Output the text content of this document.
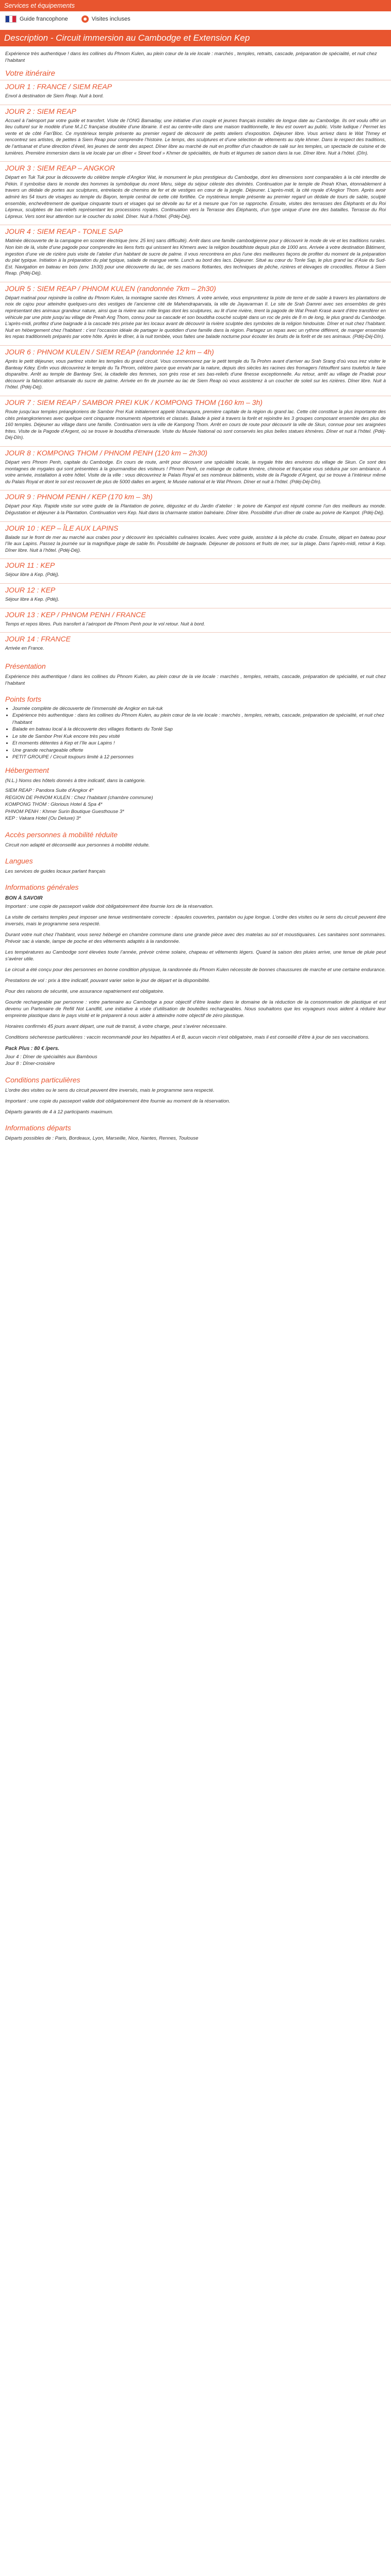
Services et équipements
Guide francophone	Visites incluses
Description - Circuit immersion au Cambodge et Extension Kep
Expérience très authentique ! dans les collines du Phnom Kulen, au plein cœur de la vie locale : marchés , temples, retraits, cascade, préparation de spécialité, et nuit chez l’habitant
Votre itinéraire
JOUR 1 : FRANCE / SIEM REAP
Envol à destination de Siem Reap. Nuit à bord.
JOUR 2 : SIEM REAP
Accueil à l’aéroport par votre guide et transfert. Visite de l’ONG Bamaday, une initiative d’un couple et jeunes français installés de longue date au Cambodge. Ils ont voulu offrir un lieu culturel sur le modèle d’une M.J.C française doublée d’une librairie. Il est au centre-ville dans une maison traditionnelle, le lieu est ouvert au public. Visite ludique / Permet les vente et de côté Fan’Bloc. Ce mystérieux temple présente au premier regard de découvrir de petits ateliers d’exposition. Déjeuner libre. Vous arrivez dans le Wat Thmey et rencontrez ses artistes, de petites à Siem Reap pour comprendre l’histoire. Le temps, des sculptures et d’une sélection de vêtements au style khmer. Dans le respect des traditions, de l’artisanat et d’une direction d’éveil, les jeunes de sentir des aspect. Dîner libre au marché de nuit en profiter d’un chaudron de salé sur les temples, un spectacle de cuisine et de lumières. Première immersion dans la vie locale par un dîner « Street food » Khmer de spécialités, de fruits et légumes de saison dans la rue. Dîner libre. Nuit à l’hôtel. (Dîn).
JOUR 3 : SIEM REAP – ANGKOR
Départ en Tuk Tuk pour la découverte du célèbre temple d’Angkor Wat, le monument le plus prestigieux du Cambodge, dont les dimensions sont comparables à la cité interdite de Pékin. Il symbolise dans le monde des hommes la symbolique du mont Meru, siège du séjour céleste des divinités. Continuation par le temple de Preah Khan, étonnablement à travers un dédale de portes aux sculptures, entrelacés de chemins de fer et de vestiges en cœur de la jungle. Déjeuner. L’après-midi, la cité royale d’Angkor Thom. Après avoir admiré les 54 tours de visages au temple du Bayon, temple central de cette cité fortifiée. Ce mystérieux temple présente au premier regard un dédale de tours de sable, sculpté ensemble, enchevêtrement de quelque cinquante tours et visages qui se dévoile au fur et à mesure que l’on se rapproche. Ensuite, visites des terrasses des Éléphants et du Roi Lépreux, sculptées de bas-reliefs représentant les processions royales. Continuation vers la Terrasse des Éléphants, d’un type unique d’une ère des batailles. Terrasse du Roi Lépreux. Vers sont leur attention sur le coucher du soleil. Dîner. Nuit à l’hôtel. (Pdéj-Déj).
JOUR 4 : SIEM REAP - TONLE SAP
Matinée découverte de la campagne en scooter électrique (env. 25 km) sans difficulté). Arrêt dans une famille cambodgienne pour y découvrir le mode de vie et les traditions rurales. Non loin de là, visite d’une pagode pour comprendre les liens forts qui unissent les Khmers avec la religion bouddhiste depuis plus de 1000 ans. Arrivée à votre destination Bâtiment, ingestion d’une vie de rizière puis visite de l’atelier d’un habitant de sucre de palme. Il vous rencontrera en plus l’une des meilleures façons de profiter du moment de la préparation du plat typique. Initiation à la préparation du plat typique, salade de mangue verte. Lunch au bord des lacs. Déjeuner. Situé au cœur du Tonle Sap, le plus grand lac d’Asie du Sud-Est. Navigation en bateau en bois (env. 1h30) pour une découverte du lac, de ses maisons flottantes, des techniques de pêche, rizières et élevages de crocodiles. Retour à Siem Reap. (Pdéj-Déj).
JOUR 5 : SIEM REAP / PHNOM KULEN (randonnée 7km – 2h30)
Départ matinal pour rejoindre la colline du Phnom Kulen, la montagne sacrée des Khmers. À votre arrivée, vous emprunterez la piste de terre et de sable à travers les plantations de noix de cajou pour atteindre quelques-uns des vestiges de l’ancienne cité de Mahendraparvata, la ville de Jayavarman II. Le site de Srah Damrei avec ses ensembles de grès représentant des animaux grandeur nature, ainsi que la rivière aux mille lingas dont les sculptures, au lit d’une rivière, tirent la pagode de Wat Preah Krasé avant d’être transférer en véhicule par une piste jusqu’au village de Preah Ang Thom, connu pour sa cascade et son bouddha couché sculpté dans un roc de près de 8 m de long, le plus grand du Cambodge. L’après-midi, profitez d’une baignade à la cascade très prisée par les locaux avant de découvrir la rivière sculptée des symboles de la religion hindouiste. Dîner et nuit chez l’habitant. Nuit en hébergement chez l’habitant : c’est l’occasion idéale de partager le quotidien d’une famille dans la région. Partagez un repas avec un rythme différent, de manger ensemble les repas traditionnels préparés par votre hôte. Après le dîner, à la nuit tombée, vous faites une balade nocturne pour écouter les bruits de la forêt et de ses animaux. (Pdéj-Déj-Dîn).
JOUR 6 : PHNOM KULEN / SIEM REAP (randonnée 12 km – 4h)
Après le petit déjeuner, vous partirez visiter les temples du grand circuit. Vous commencerez par le petit temple du Ta Prohm avant d’arriver au Srah Srang d’où vous irez visiter le Banteay Kdey. Enfin vous découvrirez le temple du Ta Phrom, célèbre parce que envahi par la nature, depuis des siècles les racines des fromagers l’étouffent sans toutefois le faire disparaître. Arrêt au temple de Banteay Srei, la citadelle des femmes, son grès rose et ses bas-reliefs d’une finesse exceptionnelle. Au retour, arrêt au village de Pradak pour découvrir la fabrication artisanale du sucre de palme. Arrivée en fin de journée au lac de Siem Reap où vous assisterez à un coucher de soleil sur les rizières. Dîner libre. Nuit à l’hôtel. (Pdéj-Déj).
JOUR 7 : SIEM REAP / SAMBOR PREI KUK / KOMPONG THOM (160 km – 3h)
Route jusqu’aux temples préangkoriens de Sambor Prei Kuk initialement appelé Ishanapura, première capitale de la région du grand lac. Cette cité constitue la plus importante des cités préangkoriennes avec quelque cent cinquante monuments répertoriés et classés. Balade à pied à travers la forêt et rejoindre les 3 groupes composant ensemble des plus de 160 temples. Déjeuner au village dans une famille. Continuation vers la ville de Kampong Thom. Arrêt en cours de route pour découvrir la ville de Skun, connue pour ses araignées frites. Visite de la Pagode d’Argent, où se trouve le bouddha d’émeraude. Visite du Musée National où sont conservés les plus belles statues khmères. Dîner et nuit à l’hôtel. (Pdéj-Déj-Dîn).
JOUR 8 : KOMPONG THOM / PHNOM PENH (120 km – 2h30)
Départ vers Phnom Penh, capitale du Cambodge. En cours de route, arrêt pour découvrir une spécialité locale, la mygale frite des environs du village de Skun. Ce sont des montagnes de mygales qui sont présentées à la gourmandise des visiteurs ! Phnom Penh, ce mélange de culture khmère, chinoise et française vous séduira par son ambiance. À votre arrivée, installation à votre hôtel. Visite de la ville : vous découvrirez le Palais Royal et ses nombreux bâtiments, visite de la Pagode d’Argent, qui se trouve à l’intérieur même du Palais Royal et dont le sol est recouvert de plus de 5000 dalles en argent, le Musée national et le Wat Phnom. Dîner et nuit à l’hôtel. (Pdéj-Déj-Dîn).
JOUR 9 : PHNOM PENH / KEP (170 km – 3h)
Départ pour Kep. Rapide visite sur votre guide de la Plantation de poivre, dégustez et du Jardin d’atelier : le poivre de Kampot est réputé comme l’un des meilleurs au monde. Dégustation et déjeuner à la Plantation. Continuation vers Kep. Nuit dans la charmante station balnéaire. Dîner libre. Possibilité d’un dîner de crabe au poivre de Kampot. (Pdéj-Déj).
JOUR 10 : KEP – ÎLE AUX LAPINS
Balade sur le front de mer au marché aux crabes pour y découvrir les spécialités culinaires locales. Avec votre guide, assistez à la pêche du crabe. Ensuite, départ en bateau pour l’île aux Lapins. Passez la journée sur la magnifique plage de sable fin. Possibilité de baignade. Déjeuner de poissons et fruits de mer, sur la plage. Dans l’après-midi, retour à Kep. Dîner libre. Nuit à l’hôtel. (Pdéj-Déj).
JOUR 11 : KEP
Séjour libre à Kep. (Pdéj).
JOUR 12 : KEP
Séjour libre à Kep. (Pdéj).
JOUR 13 : KEP / PHNOM PENH / FRANCE
Temps et repos libres. Puis transfert à l’aéroport de Phnom Penh pour le vol retour. Nuit à bord.
JOUR 14 : FRANCE
Arrivée en France.
Présentation
Expérience très authentique ! dans les collines du Phnom Kulen, au plein cœur de la vie locale : marchés , temples, retraits, cascade, préparation de spécialité, et nuit chez l’habitant
Points forts
• Journée complète de découverte de l’immensité de Angkor en tuk-tuk
• Expérience très authentique : dans les collines du Phnom Kulen, au plein cœur de la vie locale : marchés , temples, retraits, cascade, préparation de spécialité, et nuit chez l’habitant
• Balade en bateau local à la découverte des villages flottants du Tonlé Sap
• Le site de Sambor Prei Kuk encore très peu visité
• Et moments détentes à Kep et l’île aux Lapins !
• Une grande rechargeable offerte
• PETIT GROUPE / Circuit toujours limité à 12 personnes
Hébergement
(N.L.) Noms des hôtels donnés à titre indicatif, dans la catégorie.
SIEM REAP : Pandora Suite d’Angkor 4*
REGION DE PHNOM KULEN : Chez l’habitant (chambre commune)
KOMPONG THOM : Glorious Hotel & Spa 4*
PHNOM PENH : Khmer Surin Boutique Guesthouse 3*
KEP : Vakara Hotel (Ou Deluxe) 3*
Accès personnes à mobilité réduite
Circuit non adapté et déconseillé aux personnes à mobilité réduite.
Langues
Les services de guides locaux parlant français
Informations générales
BON À SAVOIR
Important : une copie de passeport valide doit obligatoirement être fournie lors de la réservation.
La visite de certains temples peut imposer une tenue vestimentaire correcte : épaules couvertes, pantalon ou jupe longue. L’ordre des visites ou le sens du circuit peuvent être inversés, mais le programme sera respecté.
Durant votre nuit chez l’habitant, vous serez hébergé en chambre commune dans une grande pièce avec des matelas au sol et moustiquaires. Les sanitaires sont sommaires. Prévoir sac à viande, lampe de poche et des vêtements adaptés à la randonnée.
Les températures au Cambodge sont élevées toute l’année, prévoir crème solaire, chapeau et vêtements légers. Quand la saison des pluies arrive, une tenue de pluie peut s’avérer utile.
Le circuit a été conçu pour des personnes en bonne condition physique, la randonnée du Phnom Kulen nécessite de bonnes chaussures de marche et une certaine endurance.
Prestations de vol : prix à titre indicatif, pouvant varier selon le jour de départ et la disponibilité.
Pour des raisons de sécurité, une assurance rapatriement est obligatoire.
Gourde rechargeable par personne : votre partenaire au Cambodge a pour objectif d’être leader dans le domaine de la réduction de la consommation de plastique et est devenu un Partenaire de Refill Not Landfill, une initiative à visée d’utilisation de bouteilles rechargeables. Nous souhaitons que les voyageurs nous aident à réduire leur empreinte plastique dans le pays visité et le préparent à nous aider à atteindre notre objectif de zéro plastique.
Horaires confirmés 45 jours avant départ, une nuit de transit, à votre charge, peut s’avérer nécessaire.
Conditions sécheresse particulières : vaccin recommandé pour les hépatites A et B, aucun vaccin n’est obligatoire, mais il est conseillé d’être à jour de ses vaccinations.
Pack Plus : 80 € /pers.
Jour 4 : Dîner de spécialités aux Bambous
Jour 8 : Dîner-croisière
Conditions particulières
L’ordre des visites ou le sens du circuit peuvent être inversés, mais le programme sera respecté.
Important : une copie du passeport valide doit obligatoirement être fournie au moment de la réservation.
Départs garantis de 4 à 12 participants maximum.
Informations départs
Départs possibles de : Paris, Bordeaux, Lyon, Marseille, Nice, Nantes, Rennes, Toulouse
